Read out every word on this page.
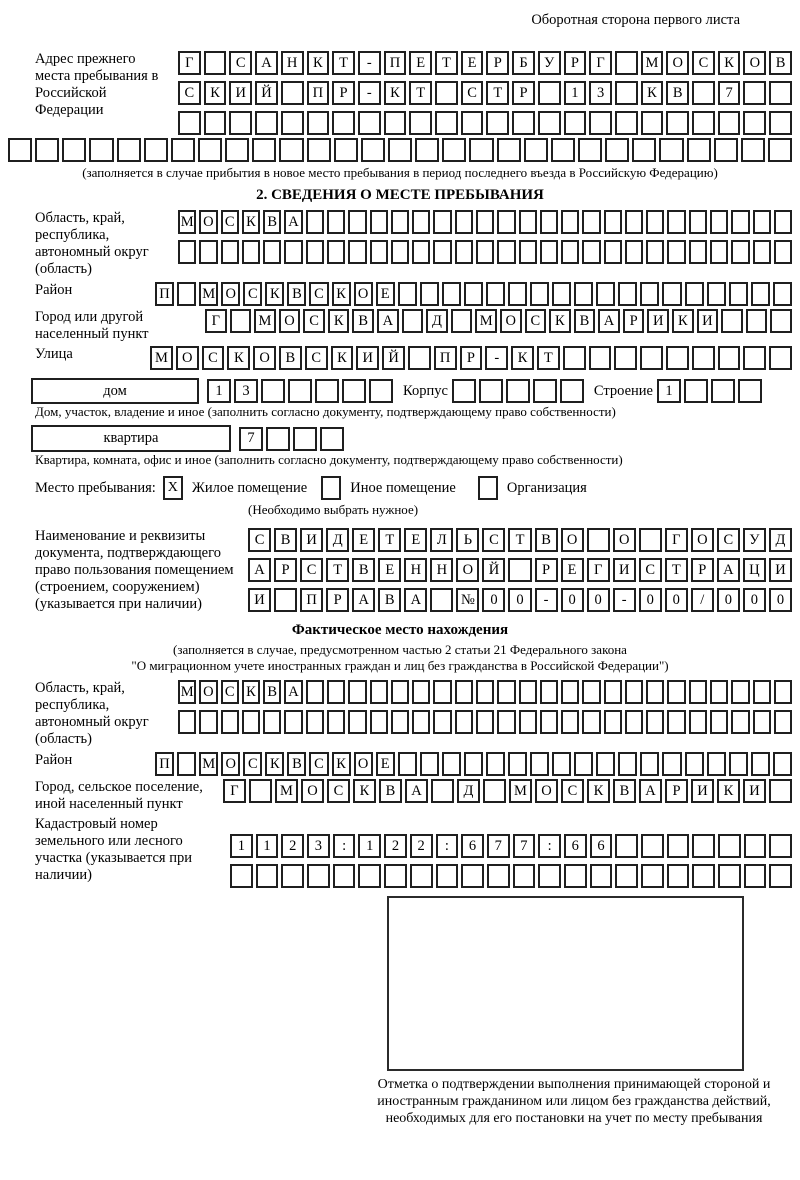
Оборотная сторона первого листа
Адрес прежнего места пребывания в Российской Федерации
Г	С	А	Н	К	Т	-	П	Е	Т	Е	Р	Б	У	Р	Г	М О	С	К	О	В
С	К	И	Й	П	Р	-	К	Т	С	Т	Р	1	3	К	В	7
(заполняется в случае прибытия в новое место пребывания в период последнего въезда в Российскую Федерацию)
2. СВЕДЕНИЯ О МЕСТЕ ПРЕБЫВАНИЯ
Область, край, республика, автономный округ (область)
М О С К В А
Район	П М О С К В С К О Е
Город или другой населенный пункт
Г	М О	С	К	В	А	Д	М О	С	К	В	А	Р	И	К	И
Улица	М О	С	К	О	В	С	К	И	Й	П	Р	-	К	Т
дом	1	3	Корпус	Строение 1
Дом, участок, владение и иное (заполнить согласно документу, подтверждающему право собственности)
квартира	7
Квартира, комната, офис и иное (заполнить согласно документу, подтверждающему право собственности)
Место пребывания: X Жилое помещение	Иное помещение	Организация
(Необходимо выбрать нужное)
Наименование и реквизиты документа, подтверждающего право пользования помещением (строением, сооружением) (указывается при наличии)
С	В	И	Д	Е	Т	Е	Л	Ь	С	Т	В	О	О	Г	О	С	У	Д
А	Р	С	Т	В	Е	Н	Н	О	Й	Р	Е	Г	И	С	Т	Р	А	Ц	И
И	П	Р	А	В	А	№	0	0	-	0	0	-	0	0	/	0	0	0
Фактическое место нахождения
(заполняется в случае, предусмотренном частью 2 статьи 21 Федерального закона
"О миграционном учете иностранных граждан и лиц без гражданства в Российской Федерации")
Область, край, республика, автономный округ (область)
М О С К В А
Район	П М О С К В С К О Е
Город, сельское поселение, иной населенный пункт
Г	М О	С	К	В	А	Д	М О	С	К	В	А	Р	И	К	И
Кадастровый номер земельного или лесного участка (указывается при наличии)
1	1	2	3	:	1	2	2	:	6	7	7	:	6	6
Отметка о подтверждении выполнения принимающей стороной и иностранным гражданином или лицом без гражданства действий, необходимых для его постановки на учет по месту пребывания
